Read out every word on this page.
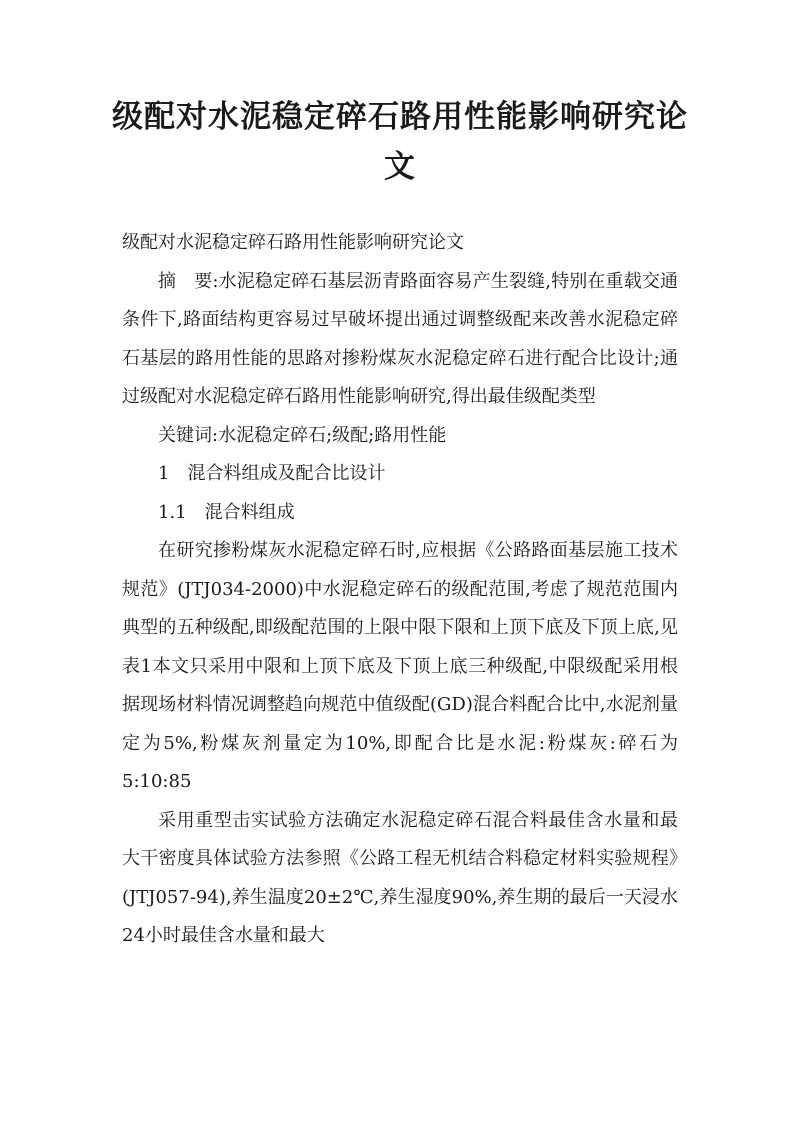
级配对水泥稳定碎石路用性能影响研究论文

级配对水泥稳定碎石路用性能影响研究论文

摘　要:水泥稳定碎石基层沥青路面容易产生裂缝,特别在重载交通条件下,路面结构更容易过早破坏提出通过调整级配来改善水泥稳定碎石基层的路用性能的思路对掺粉煤灰水泥稳定碎石进行配合比设计;通过级配对水泥稳定碎石路用性能影响研究,得出最佳级配类型

关键词:水泥稳定碎石;级配;路用性能

1　混合料组成及配合比设计

1.1　混合料组成

在研究掺粉煤灰水泥稳定碎石时,应根据《公路路面基层施工技术规范》(JTJ034-2000)中水泥稳定碎石的级配范围,考虑了规范范围内典型的五种级配,即级配范围的上限中限下限和上顶下底及下顶上底,见表1本文只采用中限和上顶下底及下顶上底三种级配,中限级配采用根据现场材料情况调整趋向规范中值级配(GD)混合料配合比中,水泥剂量定为5%,粉煤灰剂量定为10%,即配合比是水泥:粉煤灰:碎石为5:10:85

采用重型击实试验方法确定水泥稳定碎石混合料最佳含水量和最大干密度具体试验方法参照《公路工程无机结合料稳定材料实验规程》(JTJ057-94),养生温度20±2℃,养生湿度90%,养生期的最后一天浸水24小时最佳含水量和最大
